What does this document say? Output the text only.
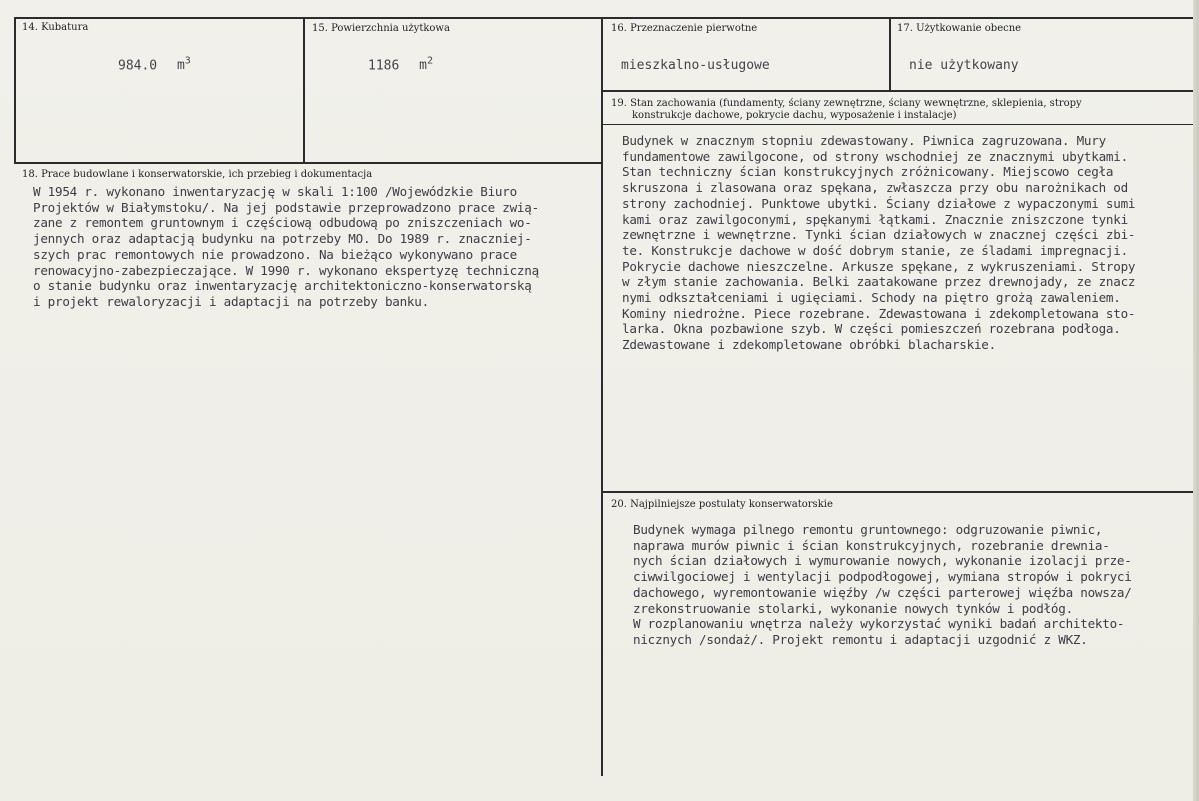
14. Kubatura
984.0 $m^3$
15. Powierzchnia użytkowa
1186 $m^2$
16. Przeznaczenie pierwotne
mieszkalno-usługowe
17. Użytkowanie obecne
nie użytkowany
18. Prace budowlane i konserwatorskie, ich przebieg i dokumentacja
W 1954 r. wykonano inwentaryzację w skali 1:100 /Wojewódzkie Biuro
Projektów w Białymstoku/. Na jej podstawie przeprowadzono prace zwią-
zane z remontem gruntownym i częściową odbudową po zniszczeniach wo-
jennych oraz adaptacją budynku na potrzeby MO. Do 1989 r. znaczniej-
szych prac remontowych nie prowadzono. Na bieżąco wykonywano prace
renowacyjno-zabezpieczające. W 1990 r. wykonano ekspertyzę techniczną
o stanie budynku oraz inwentaryzację architektoniczno-konserwatorską
i projekt rewaloryzacji i adaptacji na potrzeby banku.
19. Stan zachowania (fundamenty, ściany zewnętrzne, ściany wewnętrzne, sklepienia, stropy
konstrukcje dachowe, pokrycie dachu, wyposażenie i instalacje)
Budynek w znacznym stopniu zdewastowany. Piwnica zagruzowana. Mury
fundamentowe zawilgocone, od strony wschodniej ze znacznymi ubytkami.
Stan techniczny ścian konstrukcyjnych zróżnicowany. Miejscowo cegła
skruszona i zlasowana oraz spękana, zwłaszcza przy obu narożnikach od
strony zachodniej. Punktowe ubytki. Ściany działowe z wypaczonymi sumi
kami oraz zawilgoconymi, spękanymi łątkami. Znacznie zniszczone tynki
zewnętrzne i wewnętrzne. Tynki ścian działowych w znacznej części zbi-
te. Konstrukcje dachowe w dość dobrym stanie, ze śladami impregnacji.
Pokrycie dachowe nieszczelne. Arkusze spękane, z wykruszeniami. Stropy
w złym stanie zachowania. Belki zaatakowane przez drewnojady, ze znacz
nymi odkształceniami i ugięciami. Schody na piętro grożą zawaleniem.
Kominy niedrożne. Piece rozebrane. Zdewastowana i zdekompletowana sto-
larka. Okna pozbawione szyb. W części pomieszczeń rozebrana podłoga.
Zdewastowane i zdekompletowane obróbki blacharskie.
20. Najpilniejsze postulaty konserwatorskie
Budynek wymaga pilnego remontu gruntownego: odgruzowanie piwnic,
naprawa murów piwnic i ścian konstrukcyjnych, rozebranie drewnia-
nych ścian działowych i wymurowanie nowych, wykonanie izolacji prze-
ciwwilgociowej i wentylacji podpodłogowej, wymiana stropów i pokryci
dachowego, wyremontowanie więźby /w części parterowej więźba nowsza/
zrekonstruowanie stolarki, wykonanie nowych tynków i podłóg.
W rozplanowaniu wnętrza należy wykorzystać wyniki badań architekto-
nicznych /sondaż/. Projekt remontu i adaptacji uzgodnić z WKZ.
